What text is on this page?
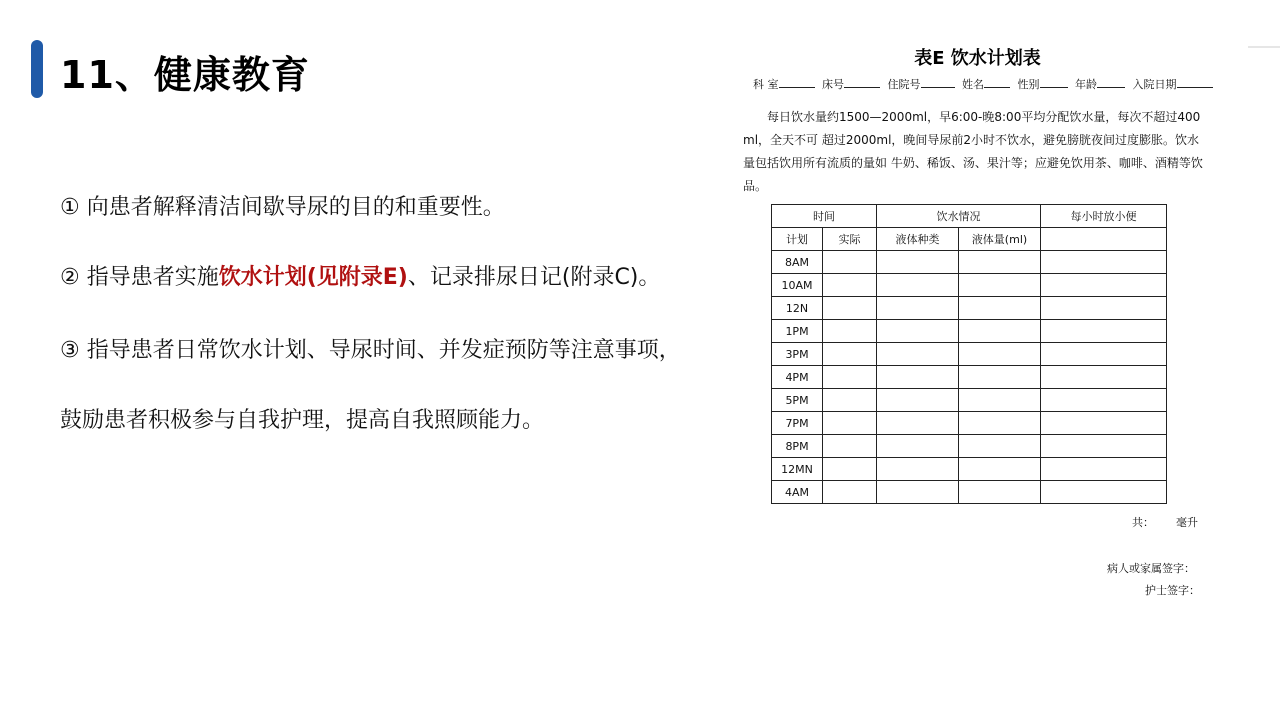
11、健康教育
① 向患者解释清洁间歇导尿的目的和重要性。
② 指导患者实施饮水计划(见附录E)、记录排尿日记(附录C)。
③ 指导患者日常饮水计划、导尿时间、并发症预防等注意事项，
鼓励患者积极参与自我护理，提高自我照顾能力。
表E 饮水计划表
科 室	床号	住院号	姓名	性别	年龄	入院日期
每日饮水量约1500—2000ml，早6:00-晚8:00平均分配饮水量，每次不超过400 ml，全天不可 超过2000ml，晚间导尿前2小时不饮水，避免膀胱夜间过度膨胀。饮水量包括饮用所有流质的量如 牛奶、稀饭、汤、果汁等；应避免饮用茶、咖啡、酒精等饮品。
时间		饮水情况		每小时放小便
计划	实际	液体种类	液体量(ml)	
8AM				
10AM				
12N				
1PM				
3PM				
4PM				
5PM				
7PM				
8PM				
12MN				
4AM				
共： 毫升
病人或家属签字：
护士签字：
